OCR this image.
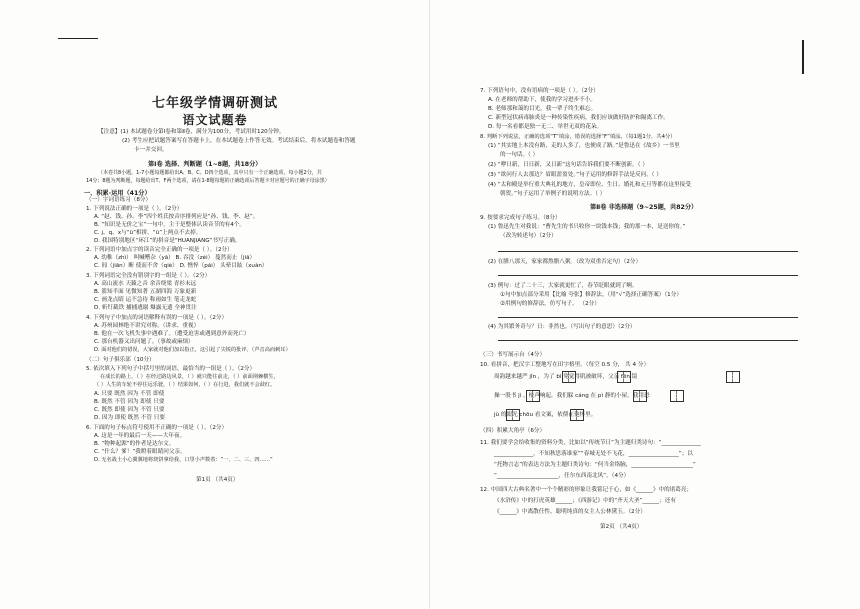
七年级学情调研测试
语文试题卷
【注意】(1) 本试题卷分第Ⅰ卷和第Ⅱ卷，满分为100分，考试用时120分钟。
(2) 考生应把试题答案写在答题卡上，在本试题卷上作答无效。考试结束后，将本试题卷和答题
卡一并交回。
第Ⅰ卷 选择、判断题（1~8题，共18分）
（本卷共8小题。1-7小题每题都给出A、B、C、D四个选项，其中只有一个正确选项，每小题2分，共
14分；8题为判断题，每题给出T、F两个选项，请在1-8题每题的正确选项后答题卡对应题号的正确字母涂黑）
一、积累·运用（41分）
（一）字词语练习（8分）
1. 下列说法正确的一项是（ ）。（2分）
A. “赵、钱、孙、李”四个姓氏按音序排列应是“孙、钱、李、赵”。
B. “知识是无价之宝”一句中，主干是整体认读音节的有4个。
C. j、q、x与“ü”相拼，“ü”上两点不去掉。
D. 我国特别地区“环江”的拼音是“HUANJIANG”书写正确。
2. 下列词语中加点字的读音完全正确的一项是（ ）。（2分）
A. 幼稚（zhì） 叫喊嘈杂（yā） B. 吞没（zéi） 蔓然而止（jiā）
C. 间（jiān）断 使而不舍（qiè） D. 憔悴（pái） 头晕目眩（xuàn）
3. 下列词语完全没有错别字的一组是（ ）。（2分）
A. 高山流水 天籁之音 余音绕梁 青衫未远
B. 篮知半面 见微知著 五湖四海 万象更新
C. 画龙点睛 运不急待 称雨如生 笔走龙蛇
D. 斩钉截铁 捕捕逃谢 爆露无遗 全神贯注
4. 下列句子中加点的词语解释有误的一项是（ ）。（2分）
A. 苏州园林绝不讲究对称。（讲求、重视）
B. 他在一次飞机失事中遇难了。（遭受迫害或遇到意外而死亡）
C. 那台机器又出问题了。（事故或麻烦）
D. 面对他们的错误，大家就对他们加以指正，这引起了尖锐的批评。（声音高而刺耳）
（二）句子俱乐部（10分）
5. 依次填入下列句子中括号里的词语，最恰当的一组是（ ）。（2分）
在成长的路上，（ ）在经过路边风景，（ ）就只能往前走，（ ）前面荆棘横生，
（ ）人生的车轮不停往远乐驶，（ ）结果如何，（ ）在行进，我们就不会歧红。
A. 只要 既然 因为 不管 即使
B. 既然 不管 因为 即使 只要
C. 既然 即使 因为 不管 只要
D. 因为 即使 既然 不管 只要
6. 下面的句子标点符号使用不正确的一项是（ ）。（2分）
A. 这是一年的最后一天——大年夜。
B. “物种起源”的作者是达尔文。
C. “什么？爹！”我瞪着眼睛问父亲。
D. 无名战士小心翼翼地将烧饼拿给我，口里小声数着：“一、二、三、四……”
第1页 （共4页）
7. 下列语句中，没有语病的一项是（ ）。（2分）
A. 在老师的帮助下，使我的学习进步不小。
B. 老师那和蔼的目光，我一辈子终生难忘。
C. 新型冠状病毒肺炎是一种传染性疾病，我们应该做好防护和隔离工作。
D. 每一名看都是独一无二、举世无双的花朵。
8. 判断下列说法，正确的选项“T”填涂，错误的选择“F”填涂。（每1题1分，共4分）
(1) “其实地上本没有路，走的人多了，也便成了路。”是鲁迅在《故乡》一书里
的一句话。（ ）
(2) “咿日新，日日新，又日新”这句话告诉我们要不断创新。（ ）
(3) “欲问行人去那边？眉眼盈盈处。”句子运用的修辞手法是反问。（ ）
(4) “太和殿是举行重大典礼的地方，皇帝即位、生日、婚礼和元旦等都在这里接受
朝贺。”句子运用了举例子的说明方法。（ ）
第Ⅱ卷 非选择题（9~25题，共82分）
9. 按要求完成句子练习。（8分）
(1) 鲁迅先生对我说：“曹先生的书只收你一块钱本钱；我的那一本，是送你的。”
（改为转述句）（2分）
(2) 在腊八那天，家家都熬腊八粥。（改为双重否定句）（2分）
(3) 例句：过了二十三，大家就更忙了，春节眨眼就到了啊。
①句中加点部分采用【比喻 夸张】修辞法。（用“√”选择正确答案）（1分）
②用例句的修辞法，仿写句子。 （2分）
(4) 为其繁务奇与？日：非然也。（写出句子的意思）（2分）
（三）书写展示台（4分）
10. 看拼音，把汉字工整地写在田字格里。（每空 0.5 分， 共 4 分）
周韵越来越严 jǐn ，为了 bì 免觉得肌被破坏，父亲 fēn 镜
操一股书 jì 。枪声响起，我们躲 cáng 在 pì 静的小屋，我用恐
jù 的眼光 chōu 看文案，依偎在他怀里。
（四）积累大角亭（6分）
11. 我们要学会给收集的资料分类，比如以“传统节日”为主题归类诗句：“______________
______________，不知秋思落谁家”“春城无处不飞花，__________________”；以
“托物言志”的表达方法为主题归类诗句：“何当金络脑，______________________”
“______________________，任尔东西南北风”。（4分）
12. 中国四大古典名著中一个个精彩的形象让我铭记于心，如《______》中的诸葛亮；
《水浒传》中的打虎英雄______；《西游记》中的“齐天大圣”______；还有
《______》中离散任性、聪明纯真的女主人公林黛玉。（2分）
第2页 （共4页）
